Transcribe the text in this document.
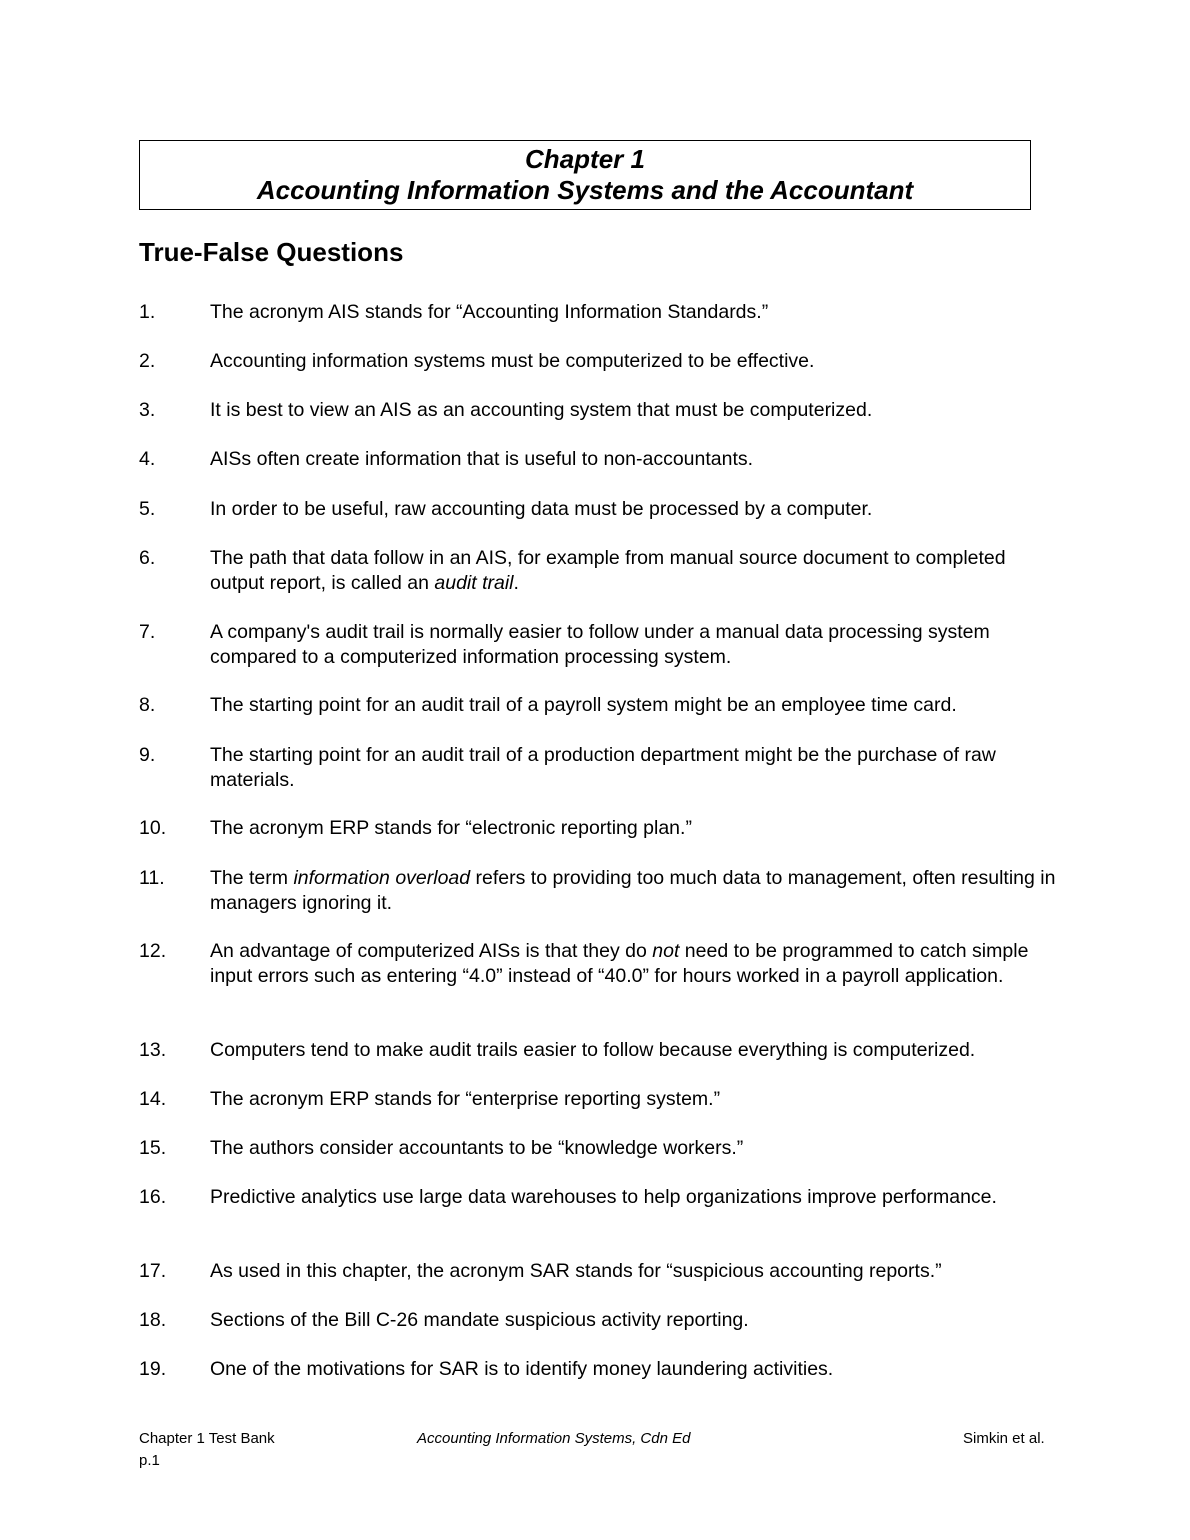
Chapter 1
Accounting Information Systems and the Accountant
True-False Questions
1.	The acronym AIS stands for “Accounting Information Standards.”
2.	Accounting information systems must be computerized to be effective.
3.	It is best to view an AIS as an accounting system that must be computerized.
4.	AISs often create information that is useful to non-accountants.
5.	In order to be useful, raw accounting data must be processed by a computer.
6.	The path that data follow in an AIS, for example from manual source document to completed output report, is called an audit trail.
7.	A company's audit trail is normally easier to follow under a manual data processing system compared to a computerized information processing system.
8.	The starting point for an audit trail of a payroll system might be an employee time card.
9.	The starting point for an audit trail of a production department might be the purchase of raw materials.
10.	The acronym ERP stands for “electronic reporting plan.”
11.	The term information overload refers to providing too much data to management, often resulting in managers ignoring it.
12.	An advantage of computerized AISs is that they do not need to be programmed to catch simple input errors such as entering “4.0” instead of “40.0” for hours worked in a payroll application.
13.	Computers tend to make audit trails easier to follow because everything is computerized.
14.	The acronym ERP stands for “enterprise reporting system.”
15.	The authors consider accountants to be “knowledge workers.”
16.	Predictive analytics use large data warehouses to help organizations improve performance.
17.	As used in this chapter, the acronym SAR stands for “suspicious accounting reports.”
18.	Sections of the Bill C-26 mandate suspicious activity reporting.
19.	One of the motivations for SAR is to identify money laundering activities.
Chapter 1 Test Bank
p.1
Accounting Information Systems, Cdn Ed	Simkin et al.
